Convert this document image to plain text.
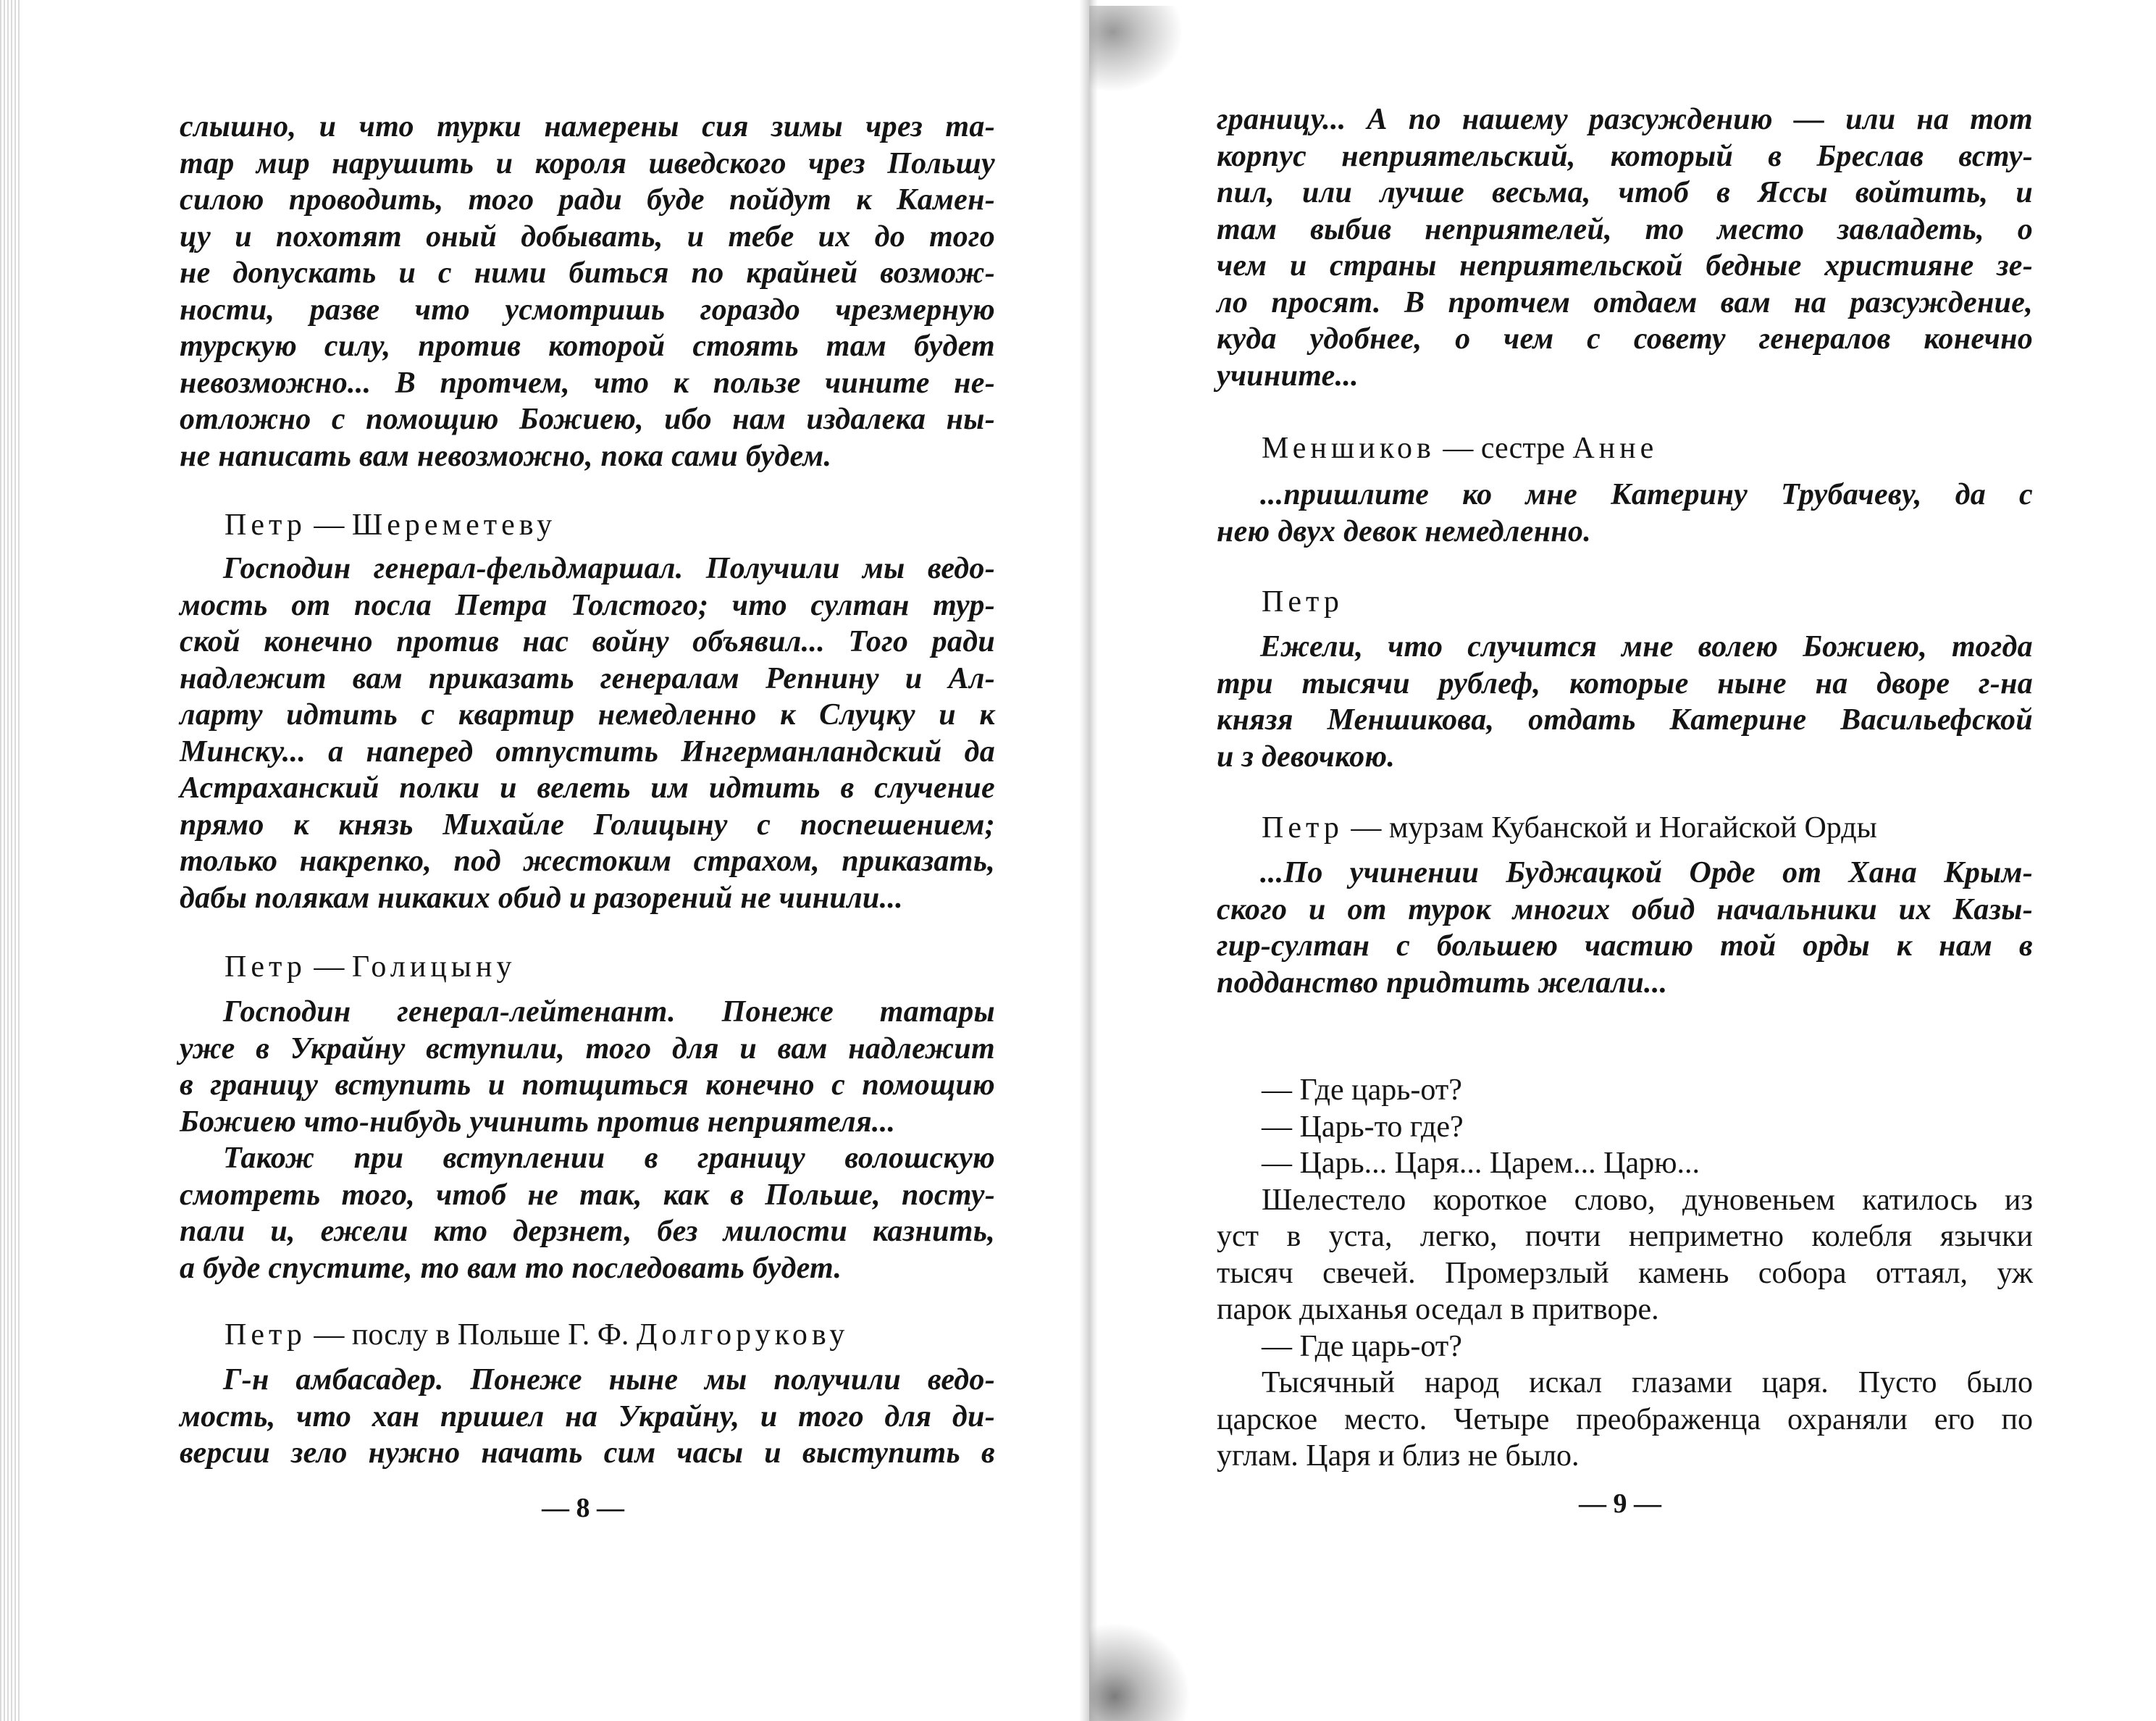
слышно, и что турки намерены сия зимы чрез та-

тар мир нарушить и короля шведского чрез Польшу

силою проводить, того ради буде пойдут к Камен-

цу и похотят оный добывать, и тебе их до того

не допускать и с ними биться по крайней возмож-

ности, разве что усмотришь гораздо чрезмерную

турскую силу, против которой стоять там будет

невозможно... В протчем, что к пользе чините не-

отложно с помощию Божиею, ибо нам издалека ны-

не написать вам невозможно, пока сами будем.

Петр — Шереметеву

Господин генерал-фельдмаршал. Получили мы ведо-

мость от посла Петра Толстого; что султан тур-

ской конечно против нас войну объявил... Того ради

надлежит вам приказать генералам Репнину и Ал-

ларту идтить с квартир немедленно к Слуцку и к

Минску... а наперед отпустить Ингерманландский да

Астраханский полки и велеть им идтить в случение

прямо к князь Михайле Голицыну с поспешением;

только накрепко, под жестоким страхом, приказать,

дабы полякам никаких обид и разорений не чинили...

Петр — Голицыну

Господин генерал-лейтенант. Понеже татары

уже в Украйну вступили, того для и вам надлежит

в границу вступить и потщиться конечно с помощию

Божиею что-нибудь учинить против неприятеля...

Також при вступлении в границу волошскую

смотреть того, чтоб не так, как в Польше, посту-

пали и, ежели кто дерзнет, без милости казнить,

а буде спустите, то вам то последовать будет.

Петр — послу в Польше Г. Ф. Долгорукову

Г-н амбасадер. Понеже ныне мы получили ведо-

мость, что хан пришел на Украйну, и того для ди-

версии зело нужно начать сим часы и выступить в

— 8 —

границу... А по нашему разсуждению — или на тот

корпус неприятельский, который в Бреслав всту-

пил, или лучше весьма, чтоб в Яссы войтить, и

там выбив неприятелей, то место завладеть, о

чем и страны неприятельской бедные християне зе-

ло просят. В протчем отдаем вам на разсуждение,

куда удобнее, о чем с совету генералов конечно

учините...

Меншиков — сестре Анне

...пришлите ко мне Катерину Трубачеву, да с

нею двух девок немедленно.

Петр

Ежели, что случится мне волею Божиею, тогда

три тысячи рублеф, которые ныне на дворе г-на

князя Меншикова, отдать Катерине Васильефской

и з девочкою.

Петр — мурзам Кубанской и Ногайской Орды

...По учинении Буджацкой Орде от Хана Крым-

ского и от турок многих обид начальники их Казы-

гир-султан с большею частию той орды к нам в

подданство придтить желали...

— Где царь-от?

— Царь-то где?

— Царь... Царя... Царем... Царю...

Шелестело короткое слово, дуновеньем катилось из

уст в уста, легко, почти неприметно колебля язычки

тысяч свечей. Промерзлый камень собора оттаял, уж

парок дыханья оседал в притворе.

— Где царь-от?

Тысячный народ искал глазами царя. Пусто было

царское место. Четыре преображенца охраняли его по

углам. Царя и близ не было.

— 9 —
